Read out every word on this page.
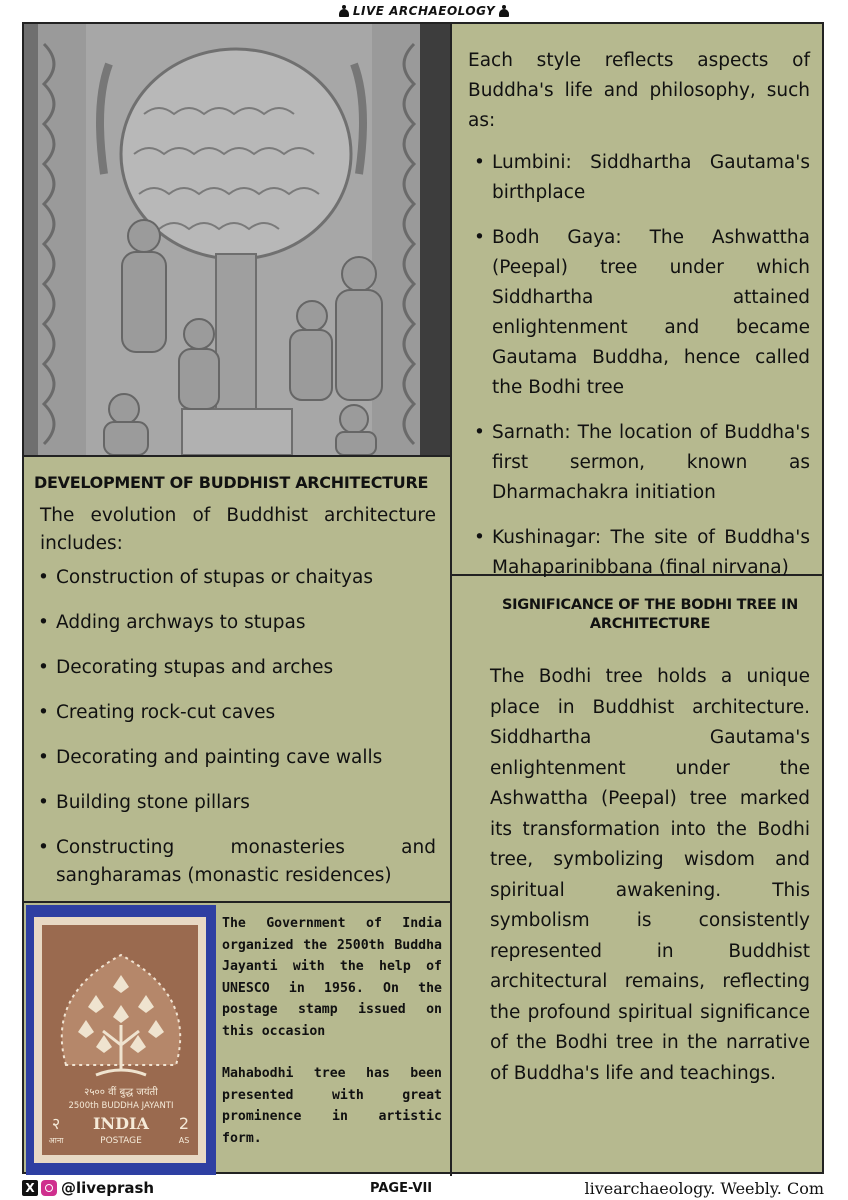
LIVE ARCHAEOLOGY

Each style reflects aspects of Buddha's life and philosophy, such as:

• Lumbini: Siddhartha Gautama's birthplace
• Bodh Gaya: The Ashwattha (Peepal) tree under which Siddhartha attained enlightenment and became Gautama Buddha, hence called the Bodhi tree
• Sarnath: The location of Buddha's first sermon, known as Dharmachakra initiation
• Kushinagar: The site of Buddha's Mahaparinibbana (final nirvana)
DEVELOPMENT OF BUDDHIST ARCHITECTURE

The evolution of Buddhist architecture includes:

• Construction of stupas or chaityas
• Adding archways to stupas
• Decorating stupas and arches
• Creating rock-cut caves
• Decorating and painting cave walls
• Building stone pillars
• Constructing monasteries and sangharamas (monastic residences)
SIGNIFICANCE OF THE BODHI TREE IN ARCHITECTURE

The Bodhi tree holds a unique place in Buddhist architecture. Siddhartha Gautama's enlightenment under the Ashwattha (Peepal) tree marked its transformation into the Bodhi tree, symbolizing wisdom and spiritual awakening. This symbolism is consistently represented in Buddhist architectural remains, reflecting the profound spiritual significance of the Bodhi tree in the narrative of Buddha's life and teachings.

२५०० वीं बुद्ध जयंती
2500th BUDDHA JAYANTI
INDIA
POSTAGE
२
आना
2
AS

The Government of India organized the 2500th Buddha Jayanti with the help of UNESCO in 1956. On the postage stamp issued on this occasion

Mahabodhi tree has been presented with great prominence in artistic form.

X @liveprash	PAGE-VII	livearchaeology. Weebly. Com
